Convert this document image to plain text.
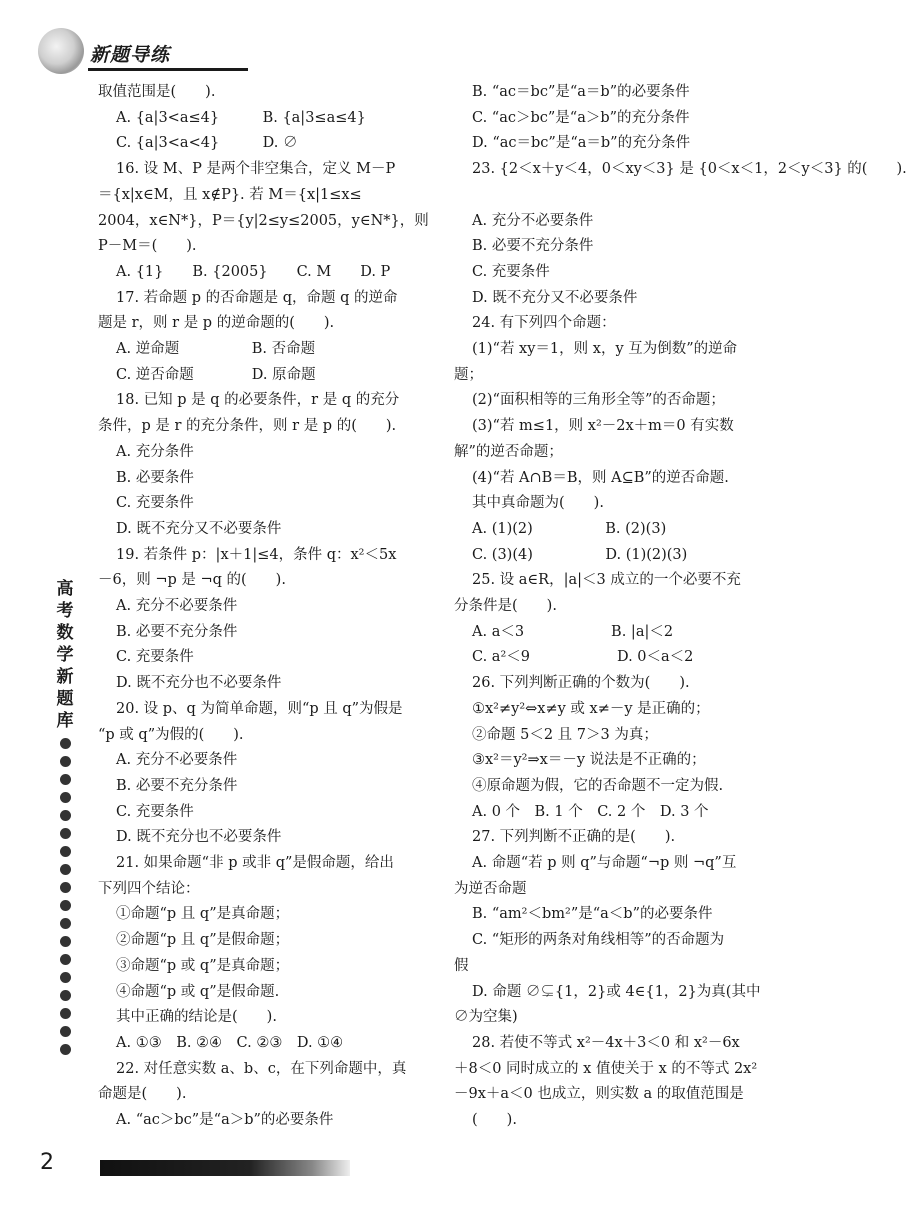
新题导练
高
考
数
学
新
题
库
取值范围是(　　).
A. {a|3<a≤4}　　　B. {a|3≤a≤4}
C. {a|3<a<4}　　　D. ∅
16. 设 M、P 是两个非空集合，定义 M－P
＝{x|x∈M，且 x∉P}. 若 M＝{x|1≤x≤
2004，x∈N*}，P＝{y|2≤y≤2005，y∈N*}，则
P－M＝(　　).
A. {1}　　B. {2005}　　C. M　　D. P
17. 若命题 p 的否命题是 q，命题 q 的逆命
题是 r，则 r 是 p 的逆命题的(　　).
A. 逆命题　　　　　B. 否命题
C. 逆否命题　　　　D. 原命题
18. 已知 p 是 q 的必要条件，r 是 q 的充分
条件，p 是 r 的充分条件，则 r 是 p 的(　　).
A. 充分条件
B. 必要条件
C. 充要条件
D. 既不充分又不必要条件
19. 若条件 p：|x＋1|≤4，条件 q：x²＜5x
－6，则 ¬p 是 ¬q 的(　　).
A. 充分不必要条件
B. 必要不充分条件
C. 充要条件
D. 既不充分也不必要条件
20. 设 p、q 为简单命题，则“p 且 q”为假是
“p 或 q”为假的(　　).
A. 充分不必要条件
B. 必要不充分条件
C. 充要条件
D. 既不充分也不必要条件
21. 如果命题“非 p 或非 q”是假命题，给出
下列四个结论：
①命题“p 且 q”是真命题；
②命题“p 且 q”是假命题；
③命题“p 或 q”是真命题；
④命题“p 或 q”是假命题.
其中正确的结论是(　　).
A. ①③　B. ②④　C. ②③　D. ①④
22. 对任意实数 a、b、c，在下列命题中，真
命题是(　　).
A. “ac＞bc”是“a＞b”的必要条件
B. “ac＝bc”是“a＝b”的必要条件
C. “ac＞bc”是“a＞b”的充分条件
D. “ac＝bc”是“a＝b”的充分条件
23. {2＜x＋y＜4，0＜xy＜3} 是 {0＜x＜1，2＜y＜3} 的(　　).
A. 充分不必要条件
B. 必要不充分条件
C. 充要条件
D. 既不充分又不必要条件
24. 有下列四个命题：
(1)“若 xy＝1，则 x，y 互为倒数”的逆命
题；
(2)“面积相等的三角形全等”的否命题；
(3)“若 m≤1，则 x²－2x＋m＝0 有实数
解”的逆否命题；
(4)“若 A∩B＝B，则 A⊆B”的逆否命题.
其中真命题为(　　).
A. (1)(2)　　　　　B. (2)(3)
C. (3)(4)　　　　　D. (1)(2)(3)
25. 设 a∈R，|a|＜3 成立的一个必要不充
分条件是(　　).
A. a＜3　　　　　　B. |a|＜2
C. a²＜9　　　　　　D. 0＜a＜2
26. 下列判断正确的个数为(　　).
①x²≠y²⇔x≠y 或 x≠－y 是正确的；
②命题 5＜2 且 7＞3 为真；
③x²＝y²⇒x＝－y 说法是不正确的；
④原命题为假，它的否命题不一定为假.
A. 0 个　B. 1 个　C. 2 个　D. 3 个
27. 下列判断不正确的是(　　).
A. 命题“若 p 则 q”与命题“¬p 则 ¬q”互
为逆否命题
B. “am²＜bm²”是“a＜b”的必要条件
C. “矩形的两条对角线相等”的否命题为
假
D. 命题 ∅⊊{1，2}或 4∈{1，2}为真(其中
∅为空集)
28. 若使不等式 x²－4x＋3＜0 和 x²－6x
＋8＜0 同时成立的 x 值使关于 x 的不等式 2x²
－9x＋a＜0 也成立，则实数 a 的取值范围是
(　　).
2
